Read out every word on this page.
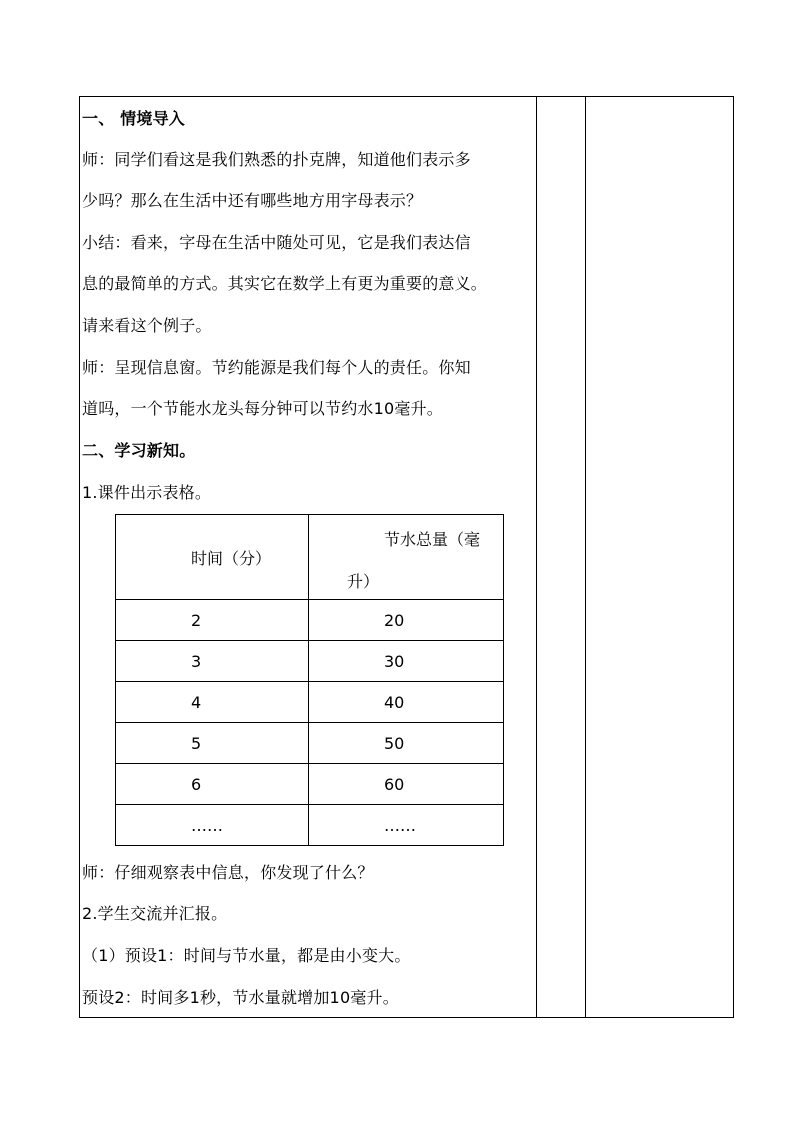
一、 情境导入
师：同学们看这是我们熟悉的扑克牌，知道他们表示多
少吗？那么在生活中还有哪些地方用字母表示？
小结：看来，字母在生活中随处可见，它是我们表达信
息的最简单的方式。其实它在数学上有更为重要的意义。
请来看这个例子。
师：呈现信息窗。节约能源是我们每个人的责任。你知
道吗，一个节能水龙头每分钟可以节约水10毫升。
二、学习新知。
1.课件出示表格。
时间（分）	节水总量（毫
升）

2	20
3	30
4	40
5	50
6	60
……	……
师：仔细观察表中信息，你发现了什么？
2.学生交流并汇报。
（1）预设1：时间与节水量，都是由小变大。
预设2：时间多1秒，节水量就增加10毫升。
